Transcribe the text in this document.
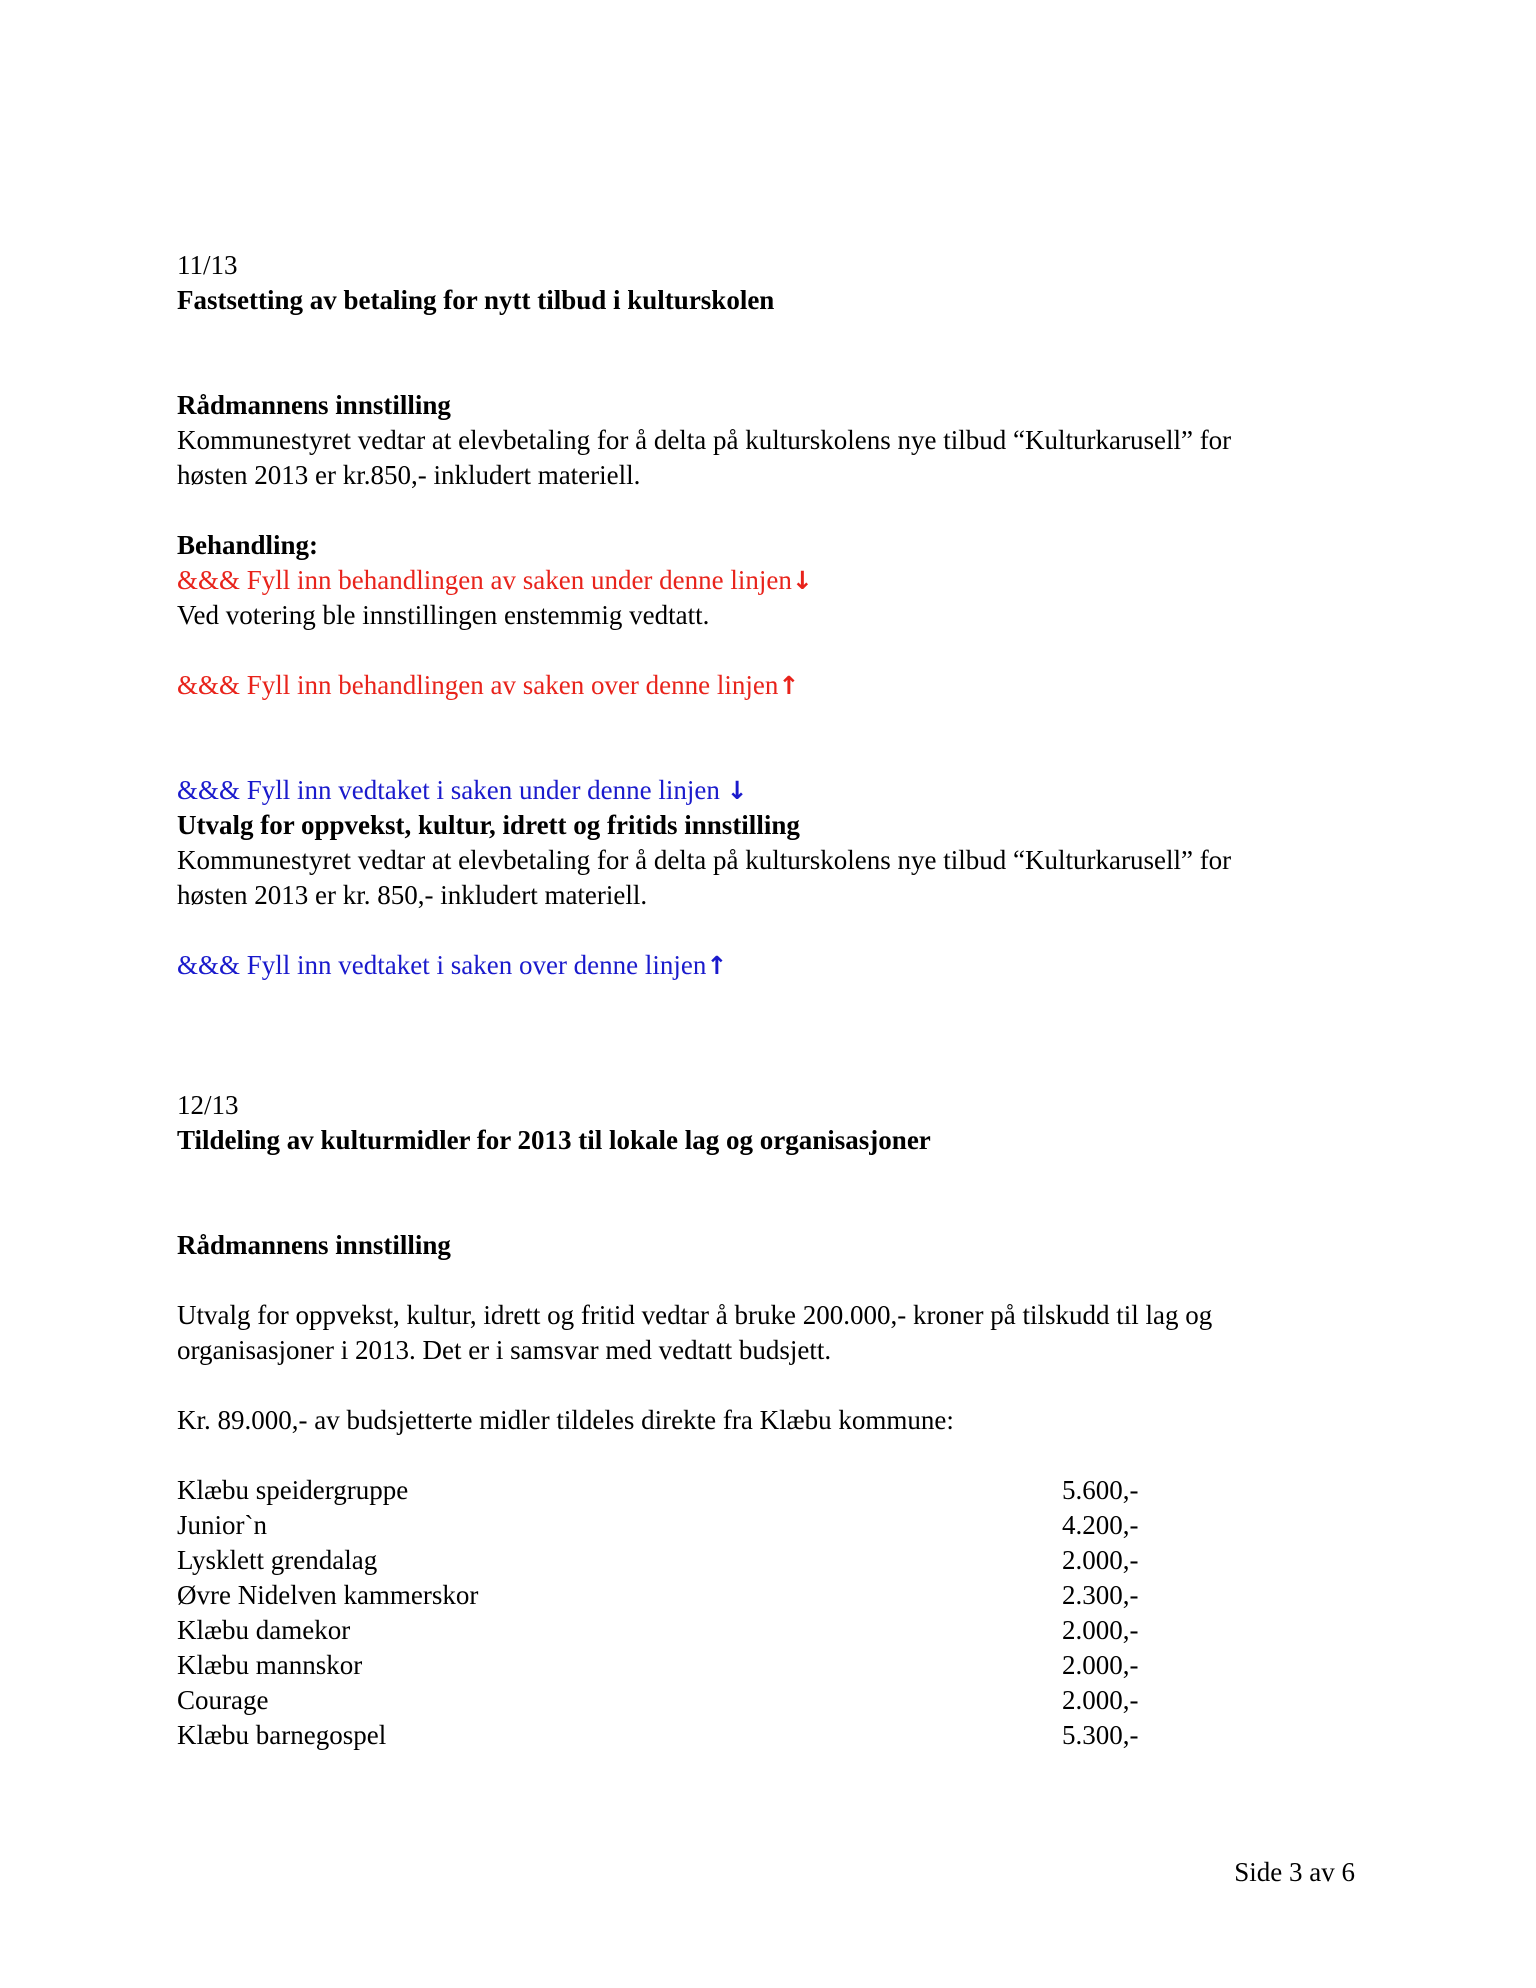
11/13
Fastsetting av betaling for nytt tilbud i kulturskolen
Rådmannens innstilling
Kommunestyret vedtar at elevbetaling for å delta på kulturskolens nye tilbud “Kulturkarusell” for
høsten 2013 er kr.850,- inkludert materiell.
Behandling:
&&& Fyll inn behandlingen av saken under denne linjen↓
Ved votering ble innstillingen enstemmig vedtatt.
&&& Fyll inn behandlingen av saken over denne linjen↑
&&& Fyll inn vedtaket i saken under denne linjen ↓
Utvalg for oppvekst, kultur, idrett og fritids innstilling
Kommunestyret vedtar at elevbetaling for å delta på kulturskolens nye tilbud “Kulturkarusell” for
høsten 2013 er kr. 850,- inkludert materiell.
&&& Fyll inn vedtaket i saken over denne linjen↑
12/13
Tildeling av kulturmidler for 2013 til lokale lag og organisasjoner
Rådmannens innstilling
Utvalg for oppvekst, kultur, idrett og fritid vedtar å bruke 200.000,- kroner på tilskudd til lag og
organisasjoner i 2013. Det er i samsvar med vedtatt budsjett.
Kr. 89.000,- av budsjetterte midler tildeles direkte fra Klæbu kommune:
Klæbu speidergruppe	5.600,-
Junior`n	4.200,-
Lysklett grendalag	2.000,-
Øvre Nidelven kammerskor	2.300,-
Klæbu damekor	2.000,-
Klæbu mannskor	2.000,-
Courage	2.000,-
Klæbu barnegospel	5.300,-
Side 3 av 6
